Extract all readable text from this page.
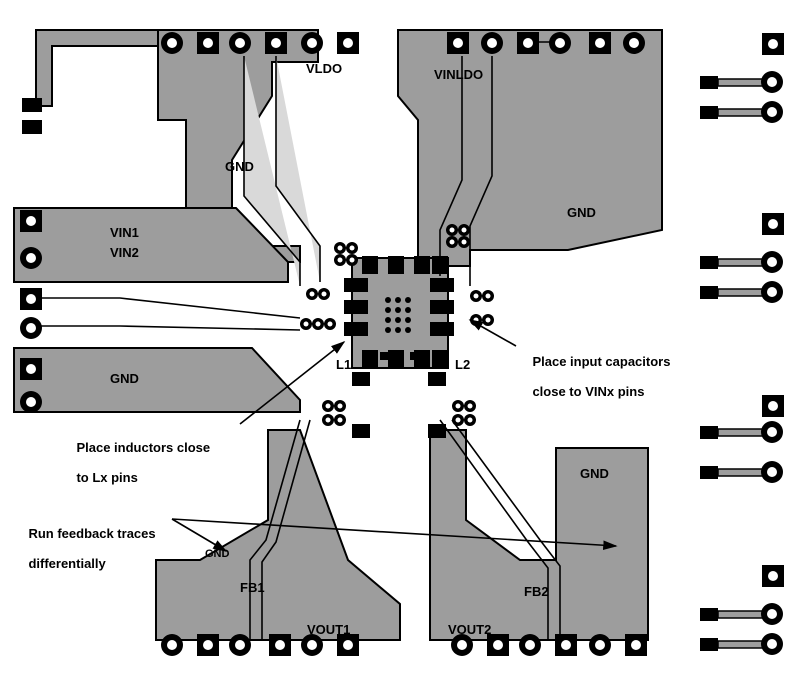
VLDO	VINLDO
GND
GND
VIN1
VIN2
GND
L1	L2
GND
GND
FB1	FB2
VOUT1	VOUT2

Place input capacitors

close to VINx pins

Place inductors close

to Lx pins

Run feedback traces

differentially
